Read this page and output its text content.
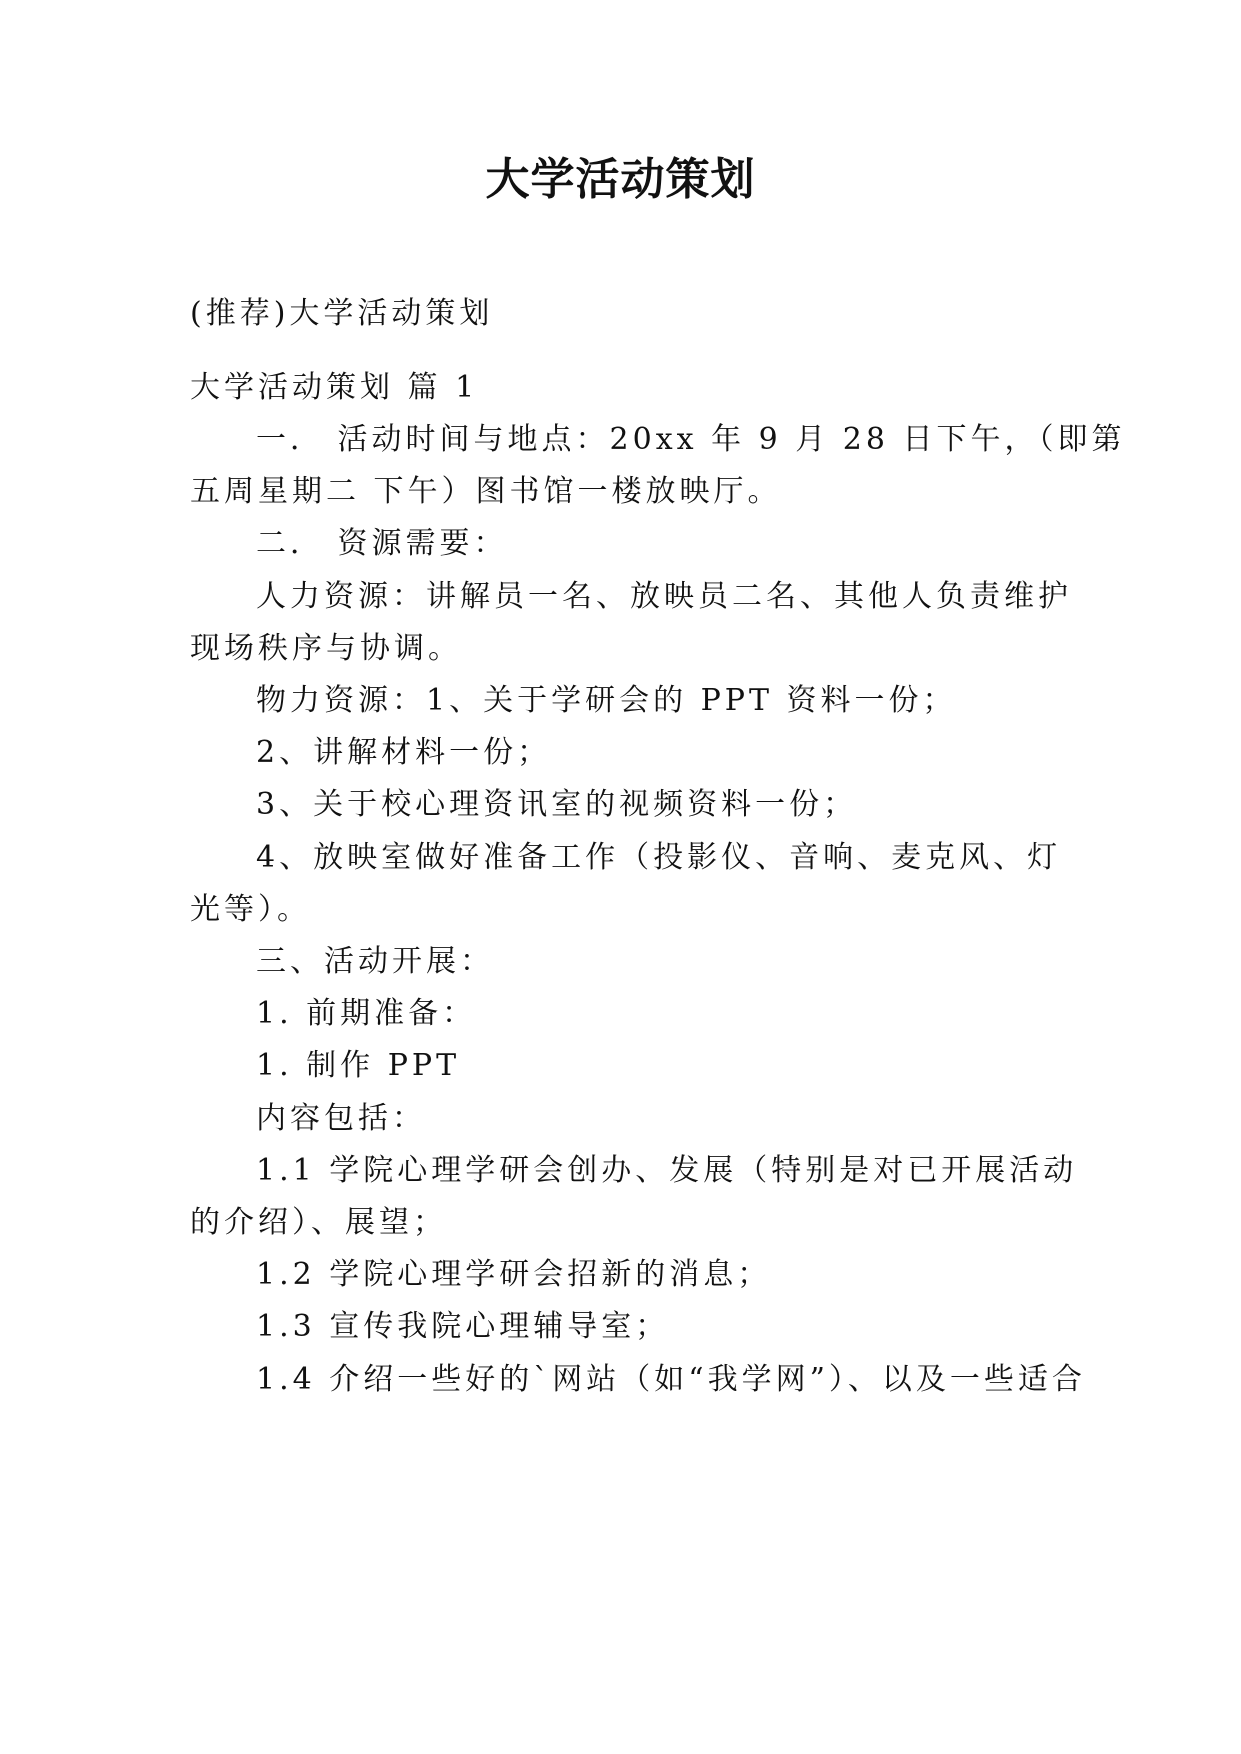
大学活动策划

(推荐)大学活动策划

大学活动策划 篇 1

一． 活动时间与地点：20xx 年 9 月 28 日下午，（即第

五周星期二 下午）图书馆一楼放映厅。

二． 资源需要：

人力资源：讲解员一名、放映员二名、其他人负责维护

现场秩序与协调。

物力资源：1、关于学研会的 PPT 资料一份；

2、讲解材料一份；

3、关于校心理资讯室的视频资料一份；

4、放映室做好准备工作（投影仪、音响、麦克风、灯

光等）。

三、活动开展：

1. 前期准备：

1. 制作 PPT

内容包括：

1.1 学院心理学研会创办、发展（特别是对已开展活动

的介绍）、展望；

1.2 学院心理学研会招新的消息；

1.3 宣传我院心理辅导室；

1.4 介绍一些好的`网站（如“我学网”）、以及一些适合
